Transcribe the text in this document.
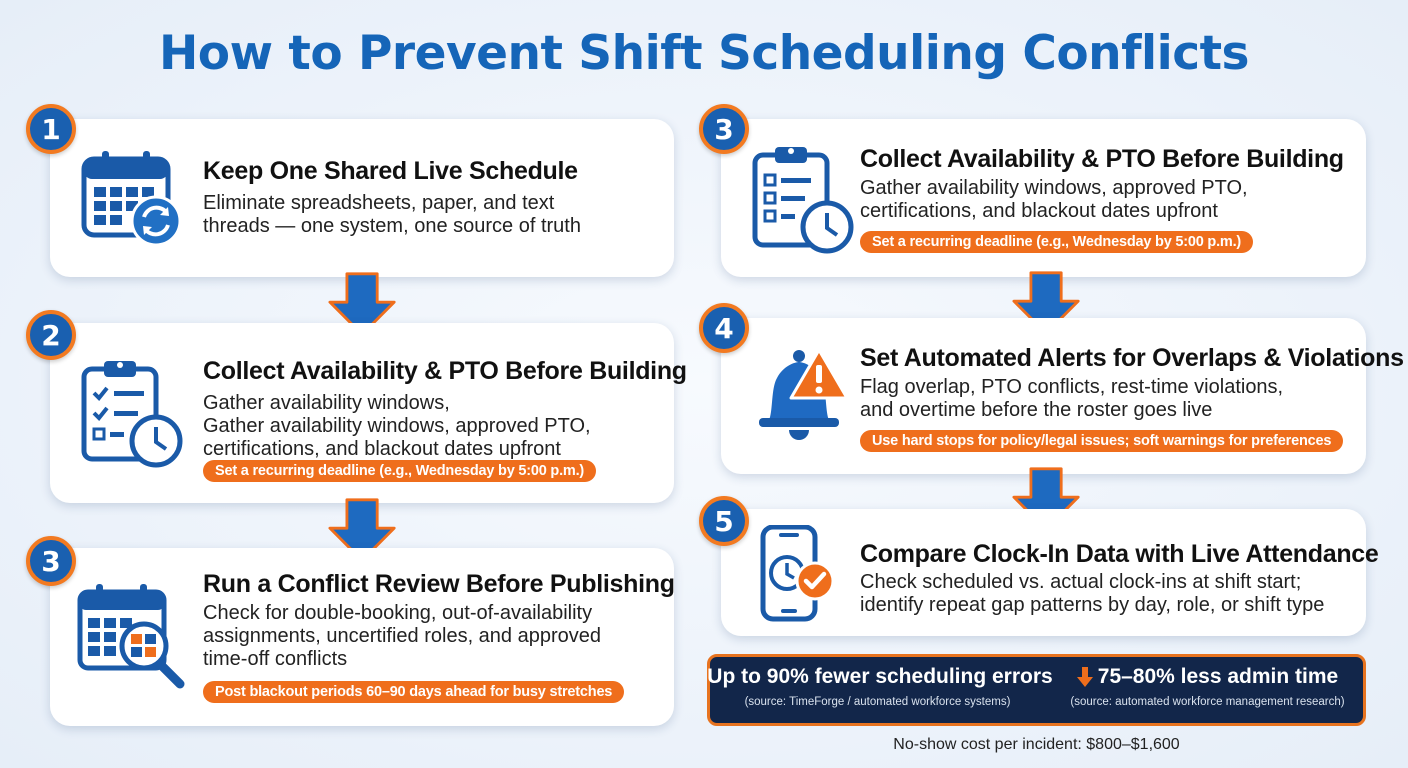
How to Prevent Shift Scheduling Conflicts
Keep One Shared Live Schedule
Eliminate spreadsheets, paper, and text
threads — one system, one source of truth
1
Collect Availability & PTO Before Building
Gather availability windows,
Gather availability windows, approved PTO,
certifications, and blackout dates upfront
Set a recurring deadline (e.g., Wednesday by 5:00 p.m.)
2
Run a Conflict Review Before Publishing
Check for double-booking, out-of-availability
assignments, uncertified roles, and approved
time-off conflicts
Post blackout periods 60–90 days ahead for busy stretches
3
Collect Availability & PTO Before Building
Gather availability windows, approved PTO,
certifications, and blackout dates upfront
Set a recurring deadline (e.g., Wednesday by 5:00 p.m.)
3
Set Automated Alerts for Overlaps & Violations
Flag overlap, PTO conflicts, rest-time violations,
and overtime before the roster goes live
Use hard stops for policy/legal issues; soft warnings for preferences
4
Compare Clock-In Data with Live Attendance
Check scheduled vs. actual clock-ins at shift start;
identify repeat gap patterns by day, role, or shift type
5
Up to 90% fewer scheduling errors
(source: TimeForge / automated workforce systems)
75–80% less admin time
(source: automated workforce management research)
No-show cost per incident: $800–$1,600
